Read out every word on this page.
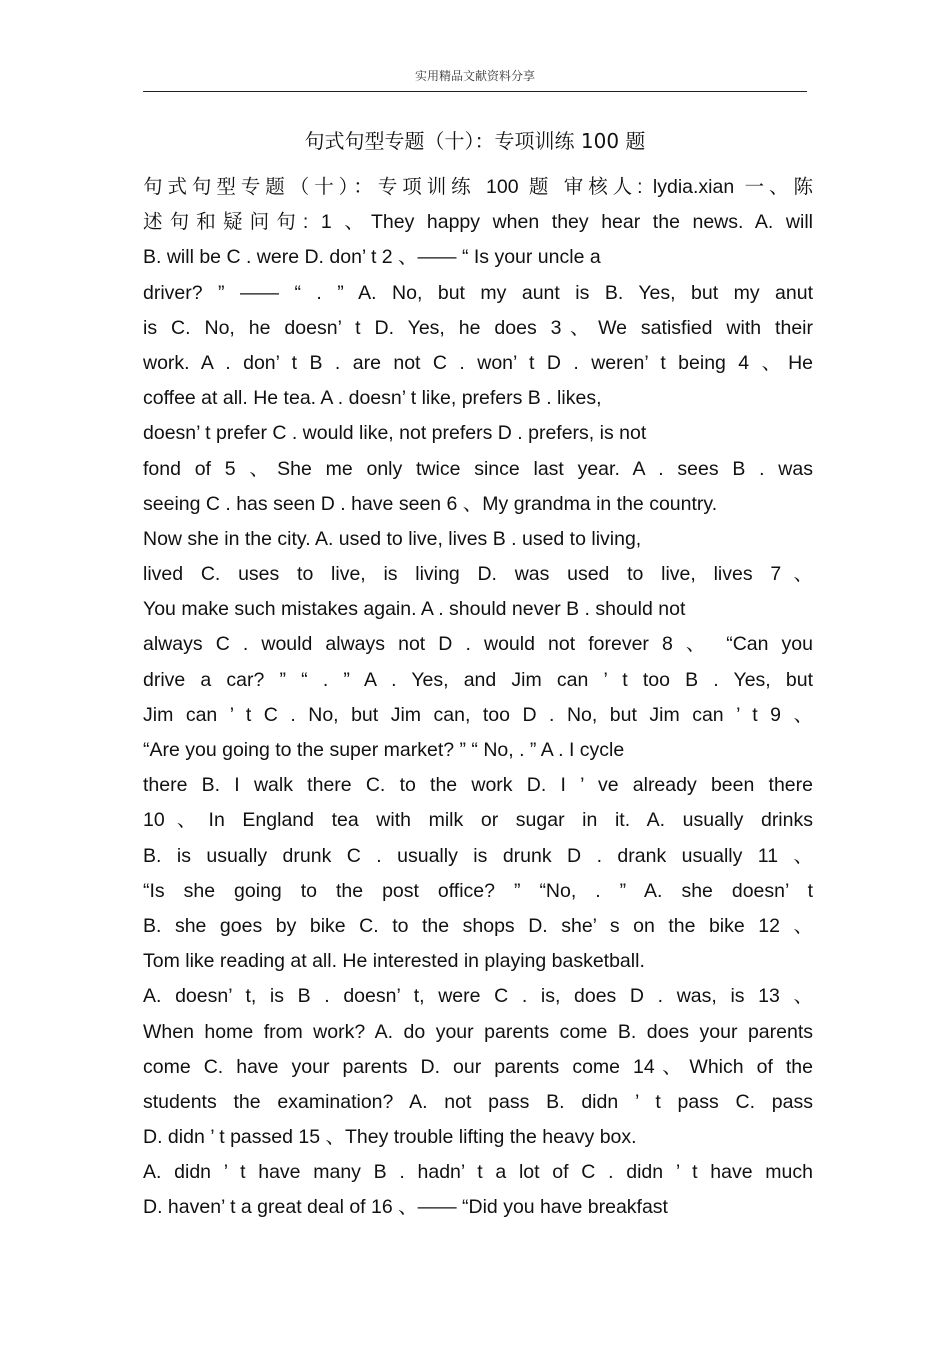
实用精品文献资料分享
句式句型专题（十）：专项训练 100 题
句式句型专题（十）：专项训练 100 题 审核人: lydia.xian 一、陈
述句和疑问句: 1 、They happy when they hear the news. A. will
B. will be C . were D. don’ t 2 、—— “ Is your uncle a
driver? ” —— “ . ” A. No, but my aunt is B. Yes, but my anut
is C. No, he doesn’ t D. Yes, he does 3、We satisfied with their
work. A . don’ t B . are not C . won’ t D . weren’ t being 4 、He
coffee at all. He tea. A . doesn’ t like, prefers B . likes,
doesn’ t prefer C . would like, not prefers D . prefers, is not
fond of 5 、She me only twice since last year. A . sees B . was
seeing C . has seen D . have seen 6 、My grandma in the country.
Now she in the city. A. used to live, lives B . used to living,
lived C. uses to live, is living D. was used to live, lives 7、
You make such mistakes again. A . should never B . should not
always C . would always not D . would not forever 8 、 “Can you
drive a car? ” “ . ” A . Yes, and Jim can ’ t too B . Yes, but
Jim can ’ t C . No, but Jim can, too D . No, but Jim can ’ t 9 、
“Are you going to the super market? ” “ No, . ” A . I cycle
there B. I walk there C. to the work D. I ’ ve already been there
10、In England tea with milk or sugar in it. A. usually drinks
B. is usually drunk C . usually is drunk D . drank usually 11 、
“Is she going to the post office? ” “No, . ” A. she doesn’ t
B. she goes by bike C. to the shops D. she’ s on the bike 12 、
Tom like reading at all. He interested in playing basketball.
A. doesn’ t, is B . doesn’ t, were C . is, does D . was, is 13 、
When home from work? A. do your parents come B. does your parents
come C. have your parents D. our parents come 14、Which of the
students the examination? A. not pass B. didn ’ t pass C. pass
D. didn ’ t passed 15 、They trouble lifting the heavy box.
A. didn ’ t have many B . hadn’ t a lot of C . didn ’ t have much
D. haven’ t a great deal of 16 、—— “Did you have breakfast
